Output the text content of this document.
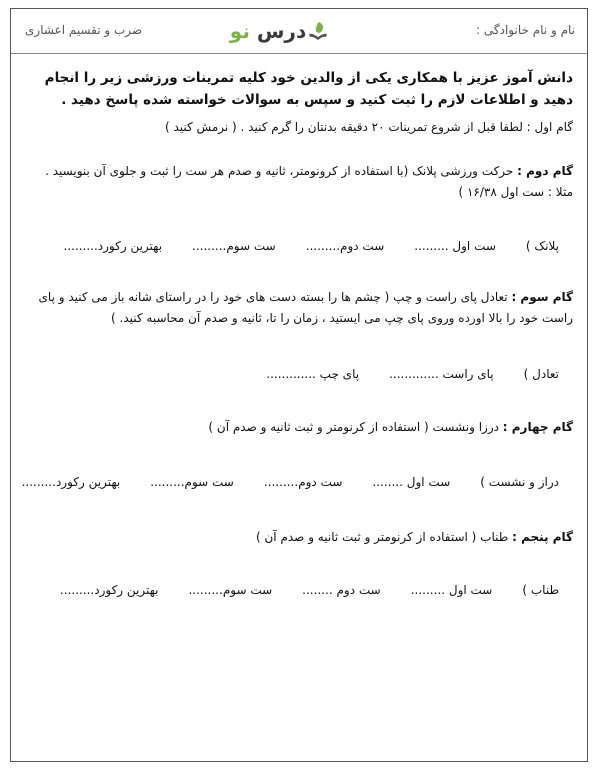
نام و نام خانوادگی :
درس نو
ضرب و تقسیم اعشاری
دانش آموز عزیز با همکاری یکی از والدین خود کلیه تمرینات ورزشی زیر را انجام دهید و اطلاعات لازم را ثبت کنید و سپس به سوالات خواسته شده پاسخ دهید .
گام اول : لطفا قبل از شروع تمرینات ۲۰ دقیقه بدنتان را گرم کنید . ( نرمش کنید )
گام دوم : حرکت ورزشی پلانک (با استفاده از کرونومتر، ثانیه و صدم هر ست را ثبت و جلوی آن بنویسید . مثلا : ست اول ۱۶/۳۸ )
پلانک )ست اول .........ست دوم.........ست سوم.........بهترین رکورد.........
گام سوم : تعادل پای راست و چپ ( چشم ها را بسته دست های خود را در راستای شانه باز می کنید و پای راست خود را بالا اورده وروی پای چپ می ایستید ، زمان را تا، ثانیه و صدم آن محاسبه کنید. )
تعادل )پای راست .............پای چپ .............
گام چهارم : درزا ونشست ( استفاده از کرنومتر و ثبت ثانیه و صدم آن )
دراز و نشست )ست اول ........ست دوم.........ست سوم.........بهترین رکورد.........
گام پنجم : طناب ( استفاده از کرنومتر و ثبت ثانیه و صدم آن )
طناب )ست اول .........ست دوم ........ست سوم.........بهترین رکورد.........
